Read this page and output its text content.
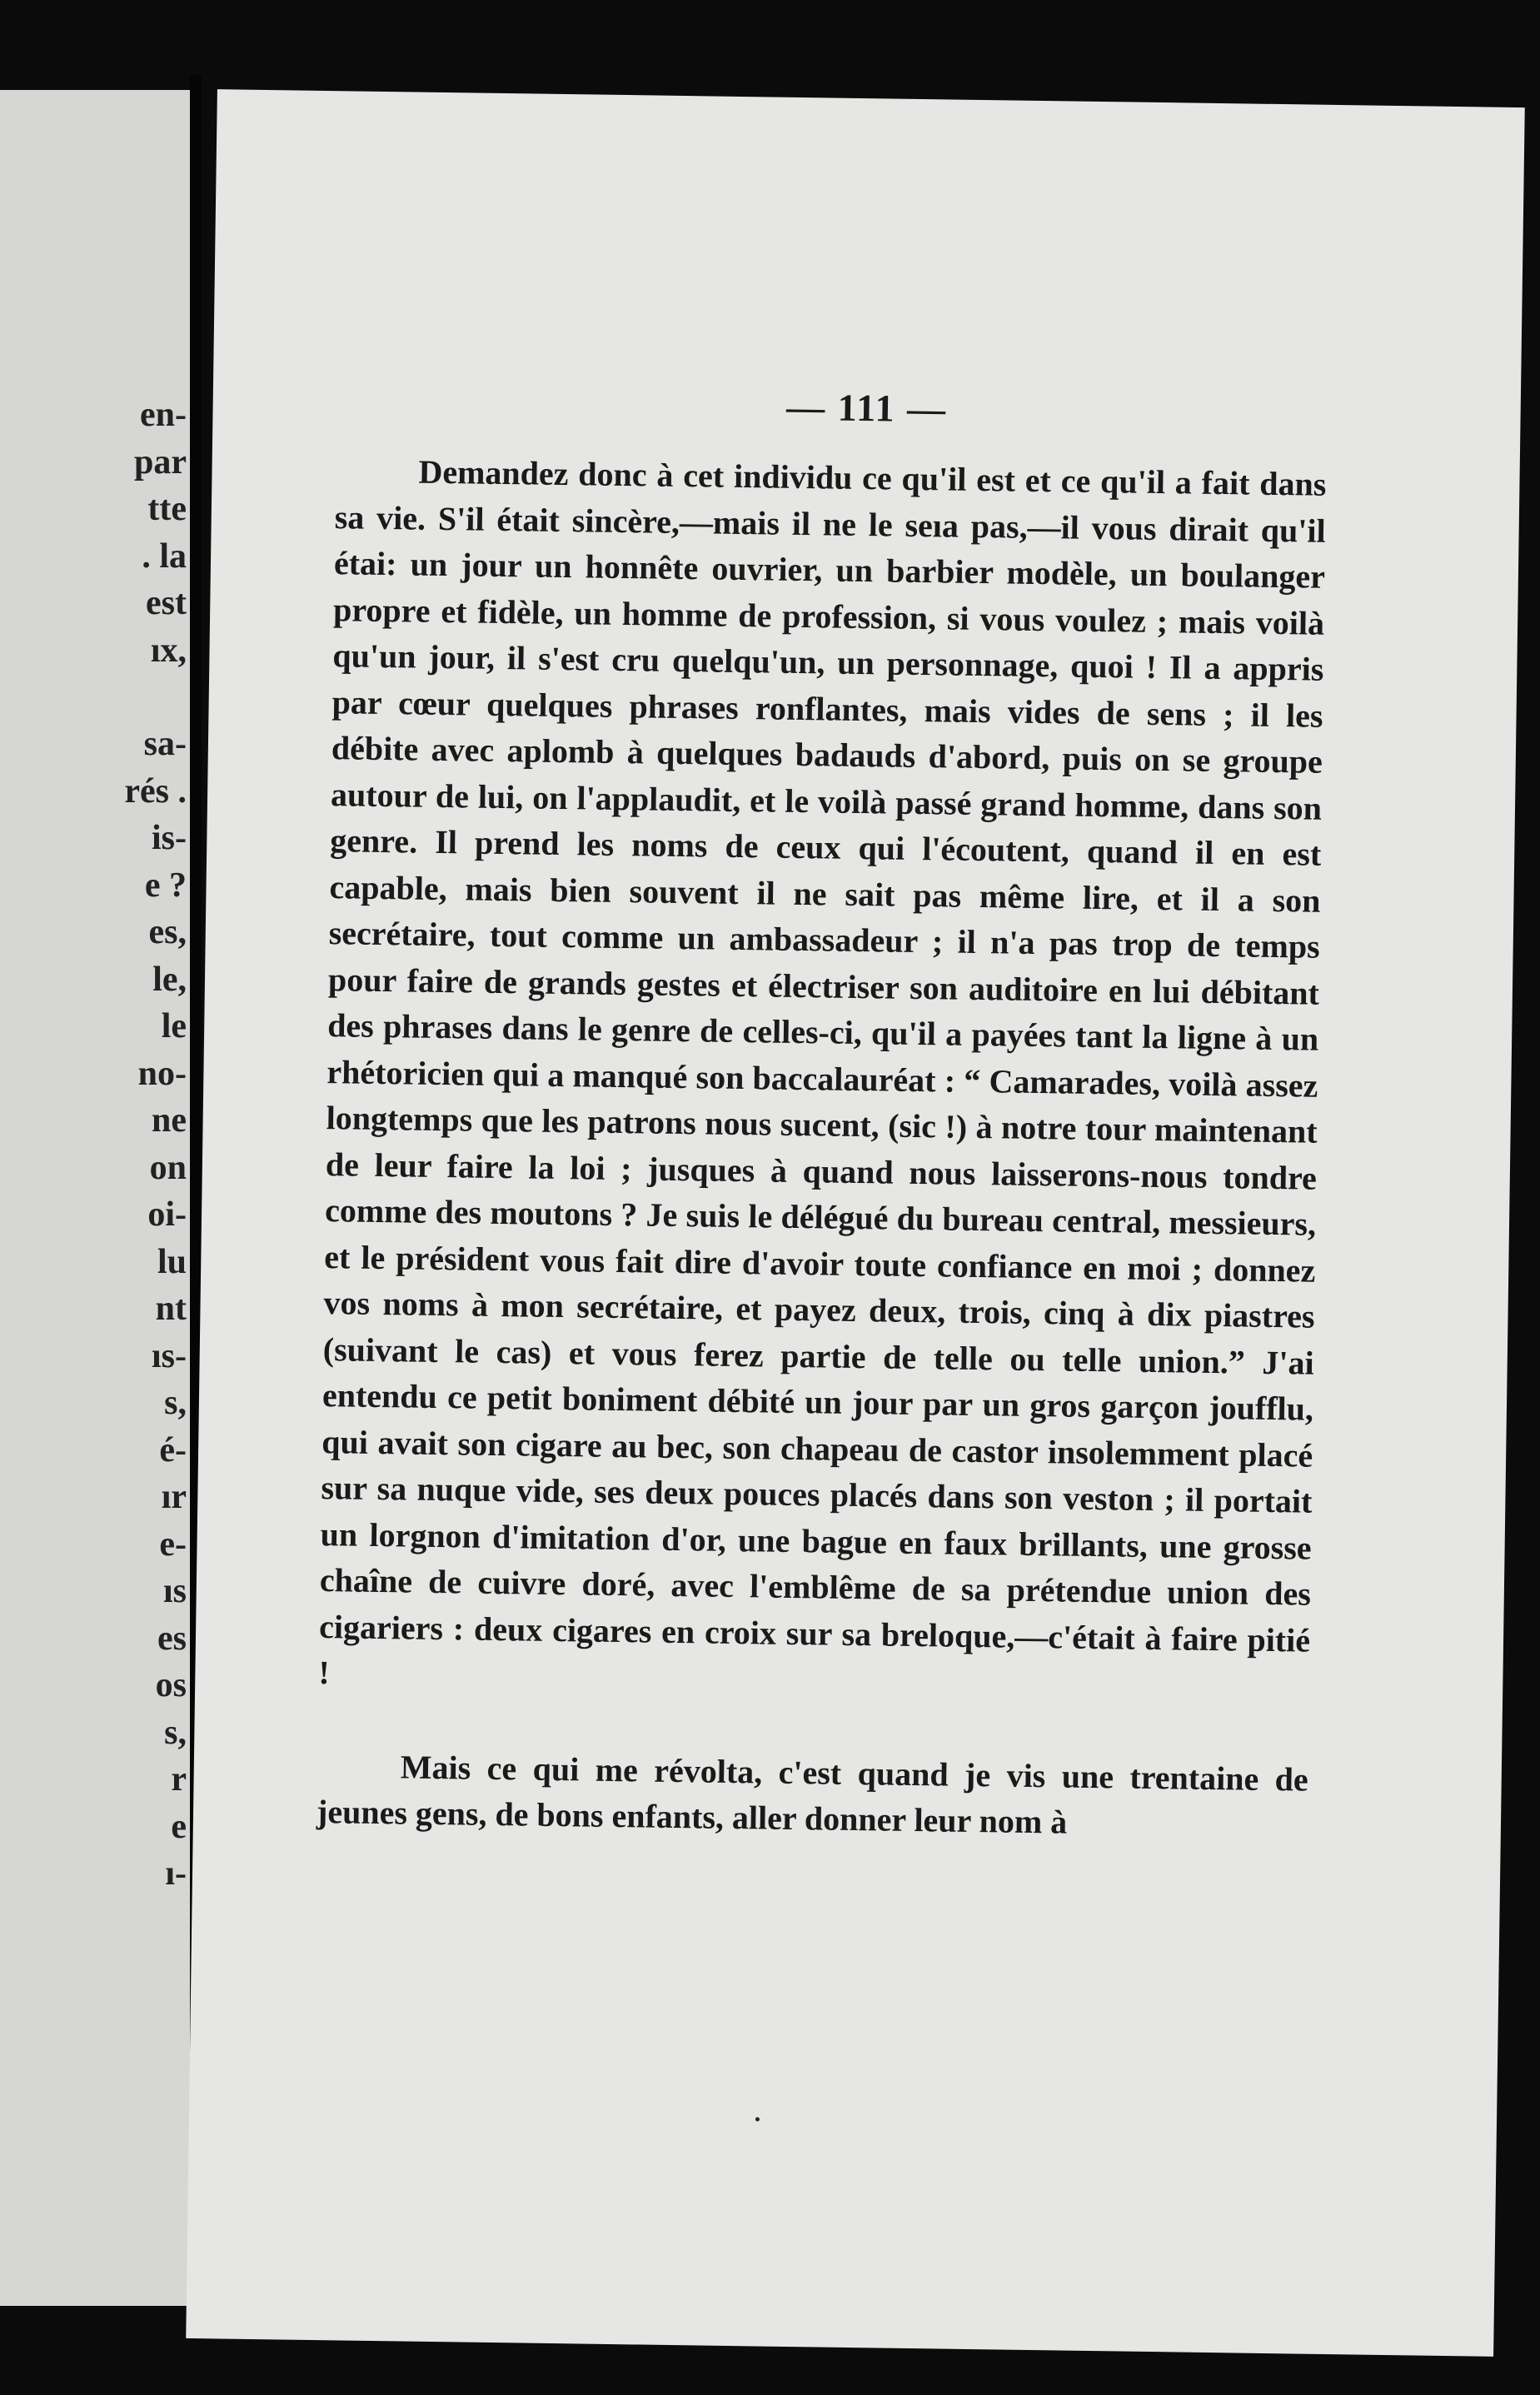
en-
par
tte
. la
est
ıx,
sa-
rés .
is-
e ?
es,
le,
le
no-
ne
on
oi-
lu
nt
ıs-
s,
é-
ır
e-
ıs
es
os
s,
r
e
ı-
— 111 —

Demandez donc à cet individu ce qu'il est et ce qu'il a fait dans sa vie. S'il était sincère,—mais il ne le seıa pas,—il vous dirait qu'il étai: un jour un honnête ouvrier, un barbier modèle, un boulanger propre et fidèle, un homme de profession, si vous voulez ; mais voilà qu'un jour, il s'est cru quelqu'un, un personnage, quoi ! Il a appris par cœur quelques phrases ronflantes, mais vides de sens ; il les débite avec aplomb à quelques badauds d'abord, puis on se groupe autour de lui, on l'applaudit, et le voilà passé grand homme, dans son genre. Il prend les noms de ceux qui l'écoutent, quand il en est capable, mais bien souvent il ne sait pas même lire, et il a son secrétaire, tout comme un ambassadeur ; il n'a pas trop de temps pour faire de grands gestes et électriser son auditoire en lui débitant des phrases dans le genre de celles-ci, qu'il a payées tant la ligne à un rhétoricien qui a manqué son baccalauréat : “ Camarades, voilà assez longtemps que les patrons nous sucent, (sic !) à notre tour maintenant de leur faire la loi ; jusques à quand nous laisserons-nous tondre comme des moutons ? Je suis le délégué du bureau central, messieurs, et le président vous fait dire d'avoir toute confiance en moi ; donnez vos noms à mon secrétaire, et payez deux, trois, cinq à dix piastres (suivant le cas) et vous ferez partie de telle ou telle union.” J'ai entendu ce petit boniment débité un jour par un gros garçon joufflu, qui avait son cigare au bec, son chapeau de castor insolemment placé sur sa nuque vide, ses deux pouces placés dans son veston ; il portait un lorgnon d'imitation d'or, une bague en faux brillants, une grosse chaîne de cuivre doré, avec l'emblême de sa prétendue union des cigariers : deux cigares en croix sur sa breloque,—c'était à faire pitié !

Mais ce qui me révolta, c'est quand je vis une trentaine de jeunes gens, de bons enfants, aller donner leur nom à
